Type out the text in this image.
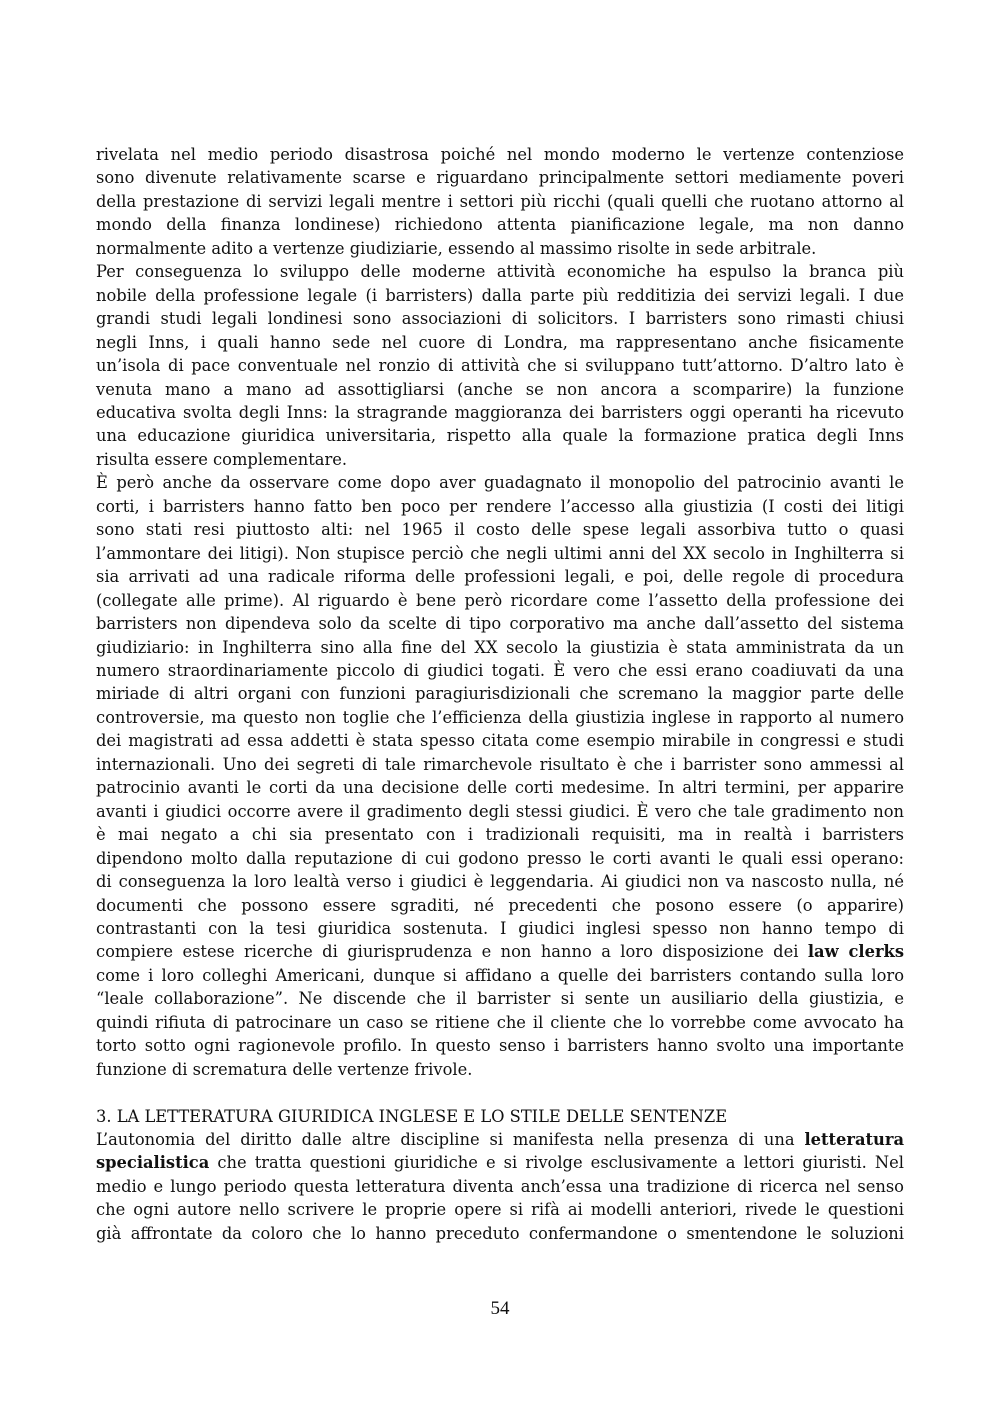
rivelata nel medio periodo disastrosa poiché nel mondo moderno le vertenze contenziose
sono divenute relativamente scarse e riguardano principalmente settori mediamente poveri
della prestazione di servizi legali mentre i settori più ricchi (quali quelli che ruotano attorno al
mondo della finanza londinese) richiedono attenta pianificazione legale, ma non danno
normalmente adito a vertenze giudiziarie, essendo al massimo risolte in sede arbitrale.
Per conseguenza lo sviluppo delle moderne attività economiche ha espulso la branca più
nobile della professione legale (i barristers) dalla parte più redditizia dei servizi legali. I due
grandi studi legali londinesi sono associazioni di solicitors. I barristers sono rimasti chiusi
negli Inns, i quali hanno sede nel cuore di Londra, ma rappresentano anche fisicamente
un’isola di pace conventuale nel ronzio di attività che si sviluppano tutt’attorno. D’altro lato è
venuta mano a mano ad assottigliarsi (anche se non ancora a scomparire) la funzione
educativa svolta degli Inns: la stragrande maggioranza dei barristers oggi operanti ha ricevuto
una educazione giuridica universitaria, rispetto alla quale la formazione pratica degli Inns
risulta essere complementare.
È però anche da osservare come dopo aver guadagnato il monopolio del patrocinio avanti le
corti, i barristers hanno fatto ben poco per rendere l’accesso alla giustizia (I costi dei litigi
sono stati resi piuttosto alti: nel 1965 il costo delle spese legali assorbiva tutto o quasi
l’ammontare dei litigi). Non stupisce perciò che negli ultimi anni del XX secolo in Inghilterra si
sia arrivati ad una radicale riforma delle professioni legali, e poi, delle regole di procedura
(collegate alle prime). Al riguardo è bene però ricordare come l’assetto della professione dei
barristers non dipendeva solo da scelte di tipo corporativo ma anche dall’assetto del sistema
giudiziario: in Inghilterra sino alla fine del XX secolo la giustizia è stata amministrata da un
numero straordinariamente piccolo di giudici togati. È vero che essi erano coadiuvati da una
miriade di altri organi con funzioni paragiurisdizionali che scremano la maggior parte delle
controversie, ma questo non toglie che l’efficienza della giustizia inglese in rapporto al numero
dei magistrati ad essa addetti è stata spesso citata come esempio mirabile in congressi e studi
internazionali. Uno dei segreti di tale rimarchevole risultato è che i barrister sono ammessi al
patrocinio avanti le corti da una decisione delle corti medesime. In altri termini, per apparire
avanti i giudici occorre avere il gradimento degli stessi giudici. È vero che tale gradimento non
è mai negato a chi sia presentato con i tradizionali requisiti, ma in realtà i barristers
dipendono molto dalla reputazione di cui godono presso le corti avanti le quali essi operano:
di conseguenza la loro lealtà verso i giudici è leggendaria. Ai giudici non va nascosto nulla, né
documenti che possono essere sgraditi, né precedenti che posono essere (o apparire)
contrastanti con la tesi giuridica sostenuta. I giudici inglesi spesso non hanno tempo di
compiere estese ricerche di giurisprudenza e non hanno a loro disposizione dei law clerks
come i loro colleghi Americani, dunque si affidano a quelle dei barristers contando sulla loro
“leale collaborazione”. Ne discende che il barrister si sente un ausiliario della giustizia, e
quindi rifiuta di patrocinare un caso se ritiene che il cliente che lo vorrebbe come avvocato ha
torto sotto ogni ragionevole profilo. In questo senso i barristers hanno svolto una importante
funzione di scrematura delle vertenze frivole.
3. LA LETTERATURA GIURIDICA INGLESE E LO STILE DELLE SENTENZE
L’autonomia del diritto dalle altre discipline si manifesta nella presenza di una letteratura
specialistica che tratta questioni giuridiche e si rivolge esclusivamente a lettori giuristi. Nel
medio e lungo periodo questa letteratura diventa anch’essa una tradizione di ricerca nel senso
che ogni autore nello scrivere le proprie opere si rifà ai modelli anteriori, rivede le questioni
già affrontate da coloro che lo hanno preceduto confermandone o smentendone le soluzioni
54
